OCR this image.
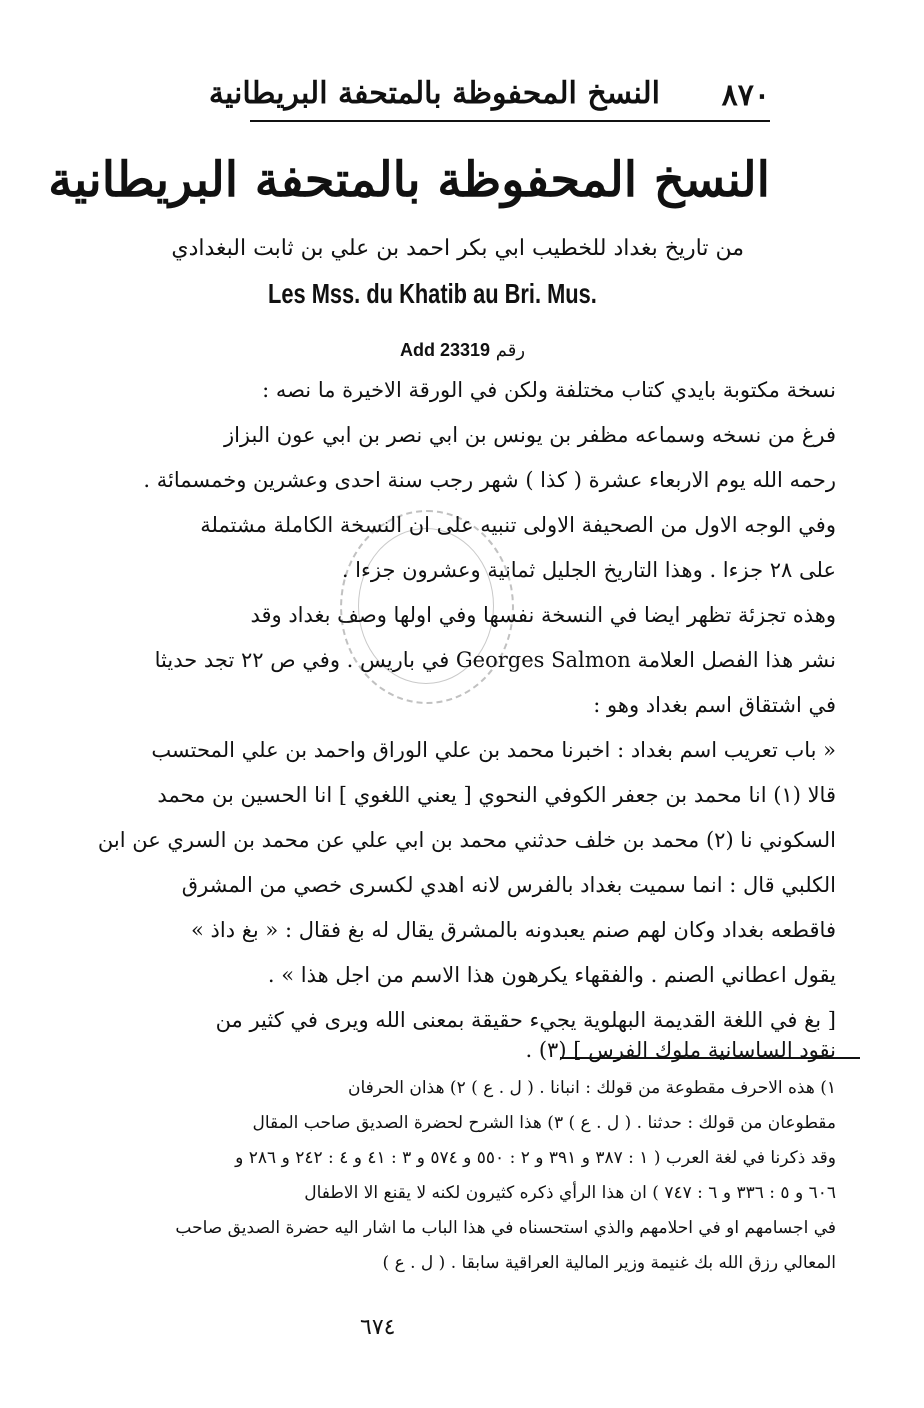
٨٧٠
النسخ المحفوظة بالمتحفة البريطانية
النسخ المحفوظة بالمتحفة البريطانية
من تاريخ بغداد للخطيب ابي بكر احمد بن علي بن ثابت البغدادي
Les Mss. du Khatib au Bri. Mus.
Add 23319 رقم
نسخة مكتوبة بايدي كتاب مختلفة ولكن في الورقة الاخيرة ما نصه :
فرغ من نسخه وسماعه مظفر بن يونس بن ابي نصر بن ابي عون البزاز
رحمه الله يوم الاربعاء عشرة ( كذا ) شهر رجب سنة احدى وعشرين وخمسمائة .
وفي الوجه الاول من الصحيفة الاولى تنبيه على ان النسخة الكاملة مشتملة
على ٢٨ جزءا . وهذا التاريخ الجليل ثمانية وعشرون جزءا .
وهذه تجزئة تظهر ايضا في النسخة نفسها وفي اولها وصف بغداد وقد
نشر هذا الفصل العلامة Georges Salmon في باريس . وفي ص ٢٢ تجد حديثا
في اشتقاق اسم بغداد وهو :
« باب تعريب اسم بغداد : اخبرنا محمد بن علي الوراق واحمد بن علي المحتسب
قالا (١) انا محمد بن جعفر الكوفي النحوي [ يعني اللغوي ] انا الحسين بن محمد
السكوني نا (٢) محمد بن خلف حدثني محمد بن ابي علي عن محمد بن السري عن ابن
الكلبي قال : انما سميت بغداد بالفرس لانه اهدي لكسرى خصي من المشرق
فاقطعه بغداد وكان لهم صنم يعبدونه بالمشرق يقال له بغ فقال : « بغ داذ »
يقول اعطاني الصنم . والفقهاء يكرهون هذا الاسم من اجل هذا » .
[ بغ في اللغة القديمة البهلوية يجيء حقيقة بمعنى الله ويرى في كثير من
نقود الساسانية ملوك الفرس ] (٣) .
١) هذه الاحرف مقطوعة من قولك : انبانا . ( ل . ع ) ٢) هذان الحرفان
مقطوعان من قولك : حدثنا . ( ل . ع ) ٣) هذا الشرح لحضرة الصديق صاحب المقال
وقد ذكرنا في لغة العرب ( ١ : ٣٨٧ و ٣٩١ و ٢ : ٥٥٠ و ٥٧٤ و ٣ : ٤١ و ٤ : ٢٤٢ و ٢٨٦ و
٦٠٦ و ٥ : ٣٣٦ و ٦ : ٧٤٧ ) ان هذا الرأي ذكره كثيرون لكنه لا يقنع الا الاطفال
في اجسامهم او في احلامهم والذي استحسناه في هذا الباب ما اشار اليه حضرة الصديق صاحب
المعالي رزق الله بك غنيمة وزير المالية العراقية سابقا . ( ل . ع )
٦٧٤
